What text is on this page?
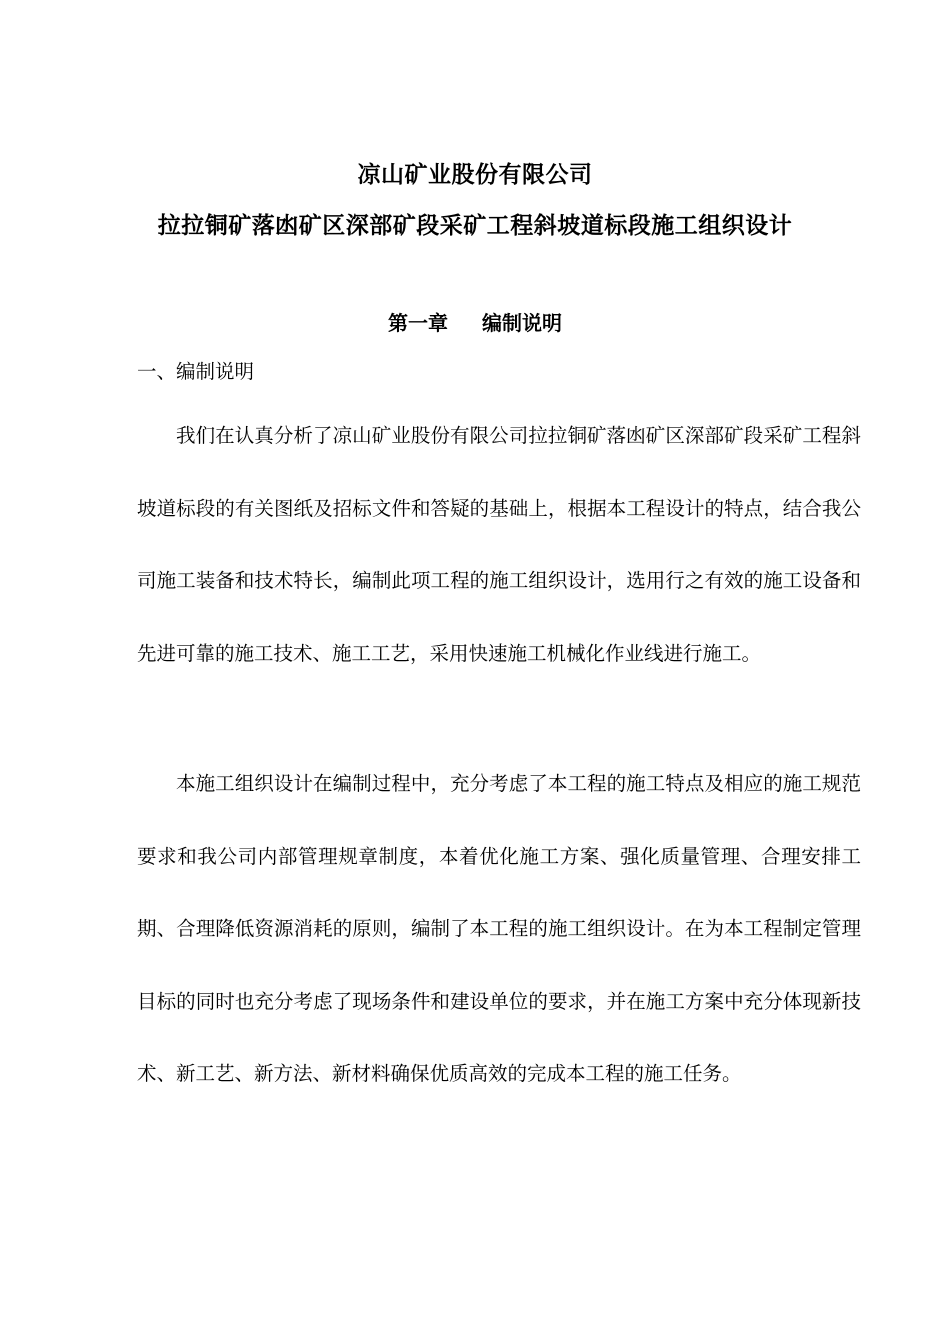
凉山矿业股份有限公司
拉拉铜矿落凼矿区深部矿段采矿工程斜坡道标段施工组织设计
第一章 编制说明
一、编制说明

我们在认真分析了凉山矿业股份有限公司拉拉铜矿落凼矿区深部矿段采矿工程斜坡道标段的有关图纸及招标文件和答疑的基础上，根据本工程设计的特点，结合我公司施工装备和技术特长，编制此项工程的施工组织设计，选用行之有效的施工设备和先进可靠的施工技术、施工工艺，采用快速施工机械化作业线进行施工。

本施工组织设计在编制过程中，充分考虑了本工程的施工特点及相应的施工规范要求和我公司内部管理规章制度，本着优化施工方案、强化质量管理、合理安排工期、合理降低资源消耗的原则，编制了本工程的施工组织设计。在为本工程制定管理目标的同时也充分考虑了现场条件和建设单位的要求，并在施工方案中充分体现新技术、新工艺、新方法、新材料确保优质高效的完成本工程的施工任务。
